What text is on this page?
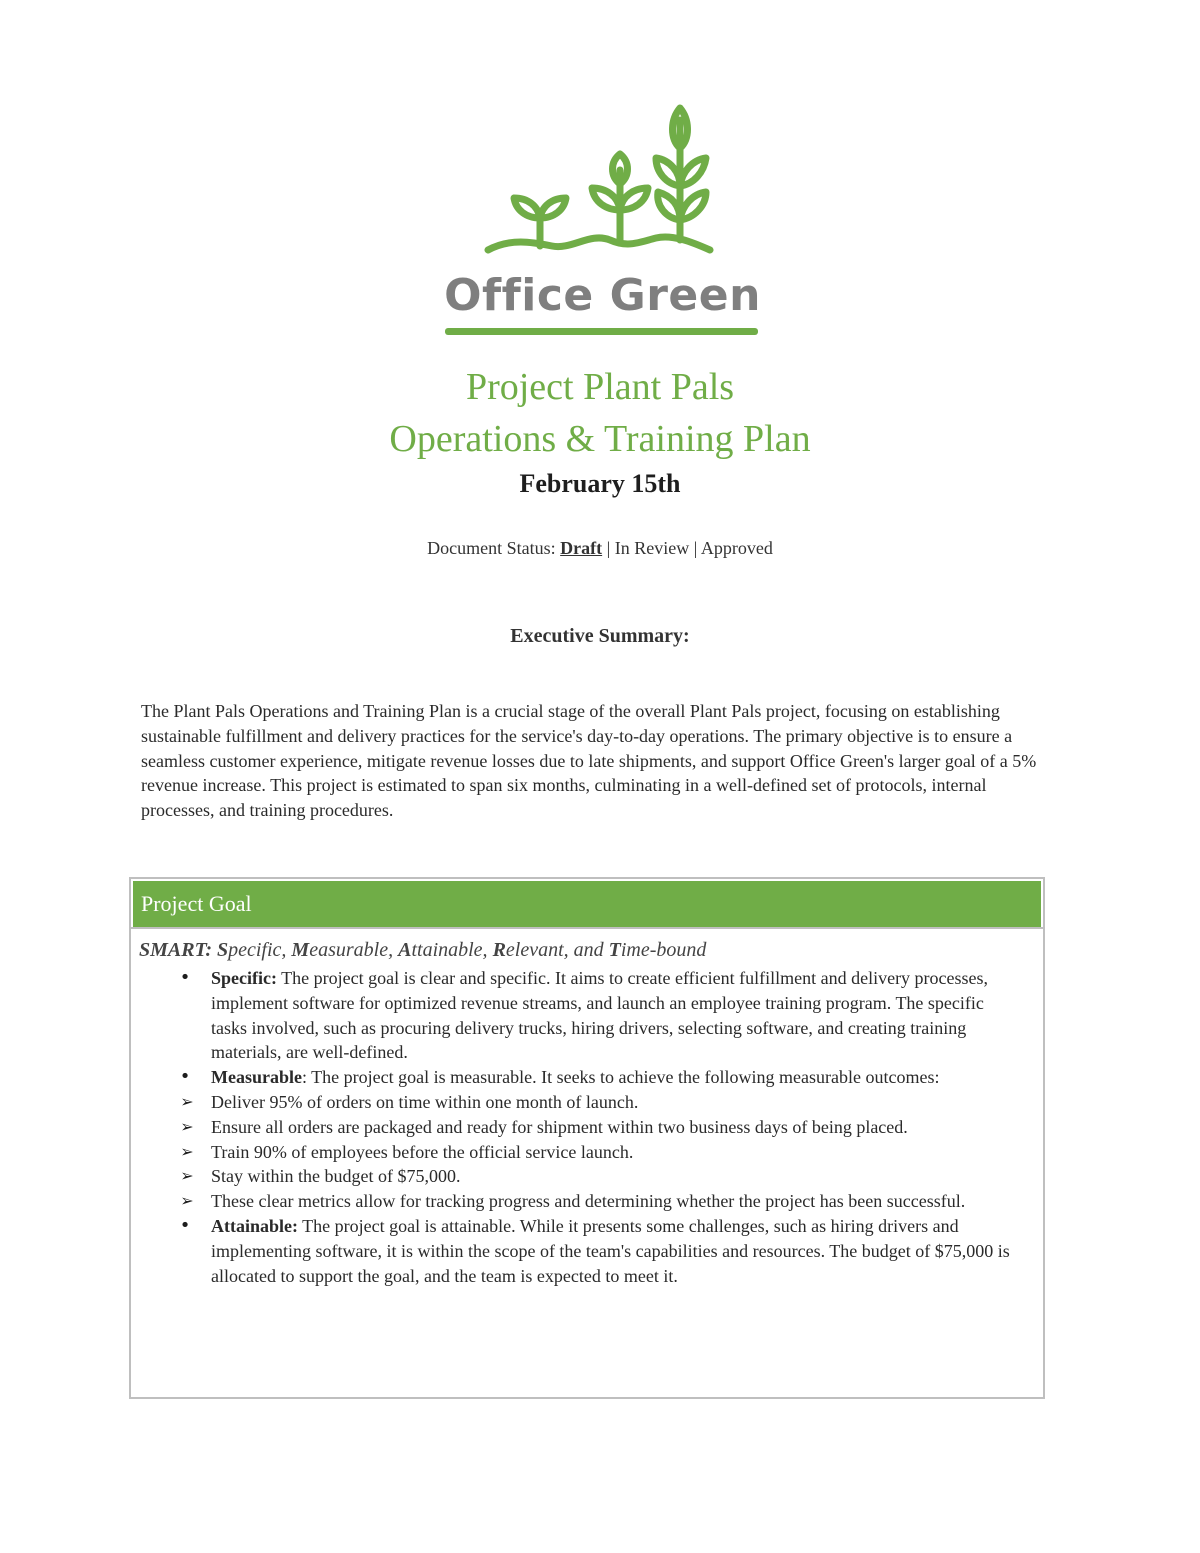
Office Green
Project Plant Pals
Operations & Training Plan
February 15th
Document Status: Draft | In Review | Approved
Executive Summary:

The Plant Pals Operations and Training Plan is a crucial stage of the overall Plant Pals project, focusing on establishing sustainable fulfillment and delivery practices for the service's day-to-day operations. The primary objective is to ensure a seamless customer experience, mitigate revenue losses due to late shipments, and support Office Green's larger goal of a 5% revenue increase. This project is estimated to span six months, culminating in a well-defined set of protocols, internal processes, and training procedures.

Project Goal

SMART: Specific, Measurable, Attainable, Relevant, and Time-bound

•	Specific: The project goal is clear and specific. It aims to create efficient fulfillment and delivery processes, implement software for optimized revenue streams, and launch an employee training program. The specific tasks involved, such as procuring delivery trucks, hiring drivers, selecting software, and creating training materials, are well-defined.
•	Measurable: The project goal is measurable. It seeks to achieve the following measurable outcomes:
➢ Deliver 95% of orders on time within one month of launch.
➢ Ensure all orders are packaged and ready for shipment within two business days of being placed.
➢ Train 90% of employees before the official service launch.
➢ Stay within the budget of $75,000.
➢ These clear metrics allow for tracking progress and determining whether the project has been successful.
•	Attainable: The project goal is attainable. While it presents some challenges, such as hiring drivers and implementing software, it is within the scope of the team's capabilities and resources. The budget of $75,000 is allocated to support the goal, and the team is expected to meet it.
